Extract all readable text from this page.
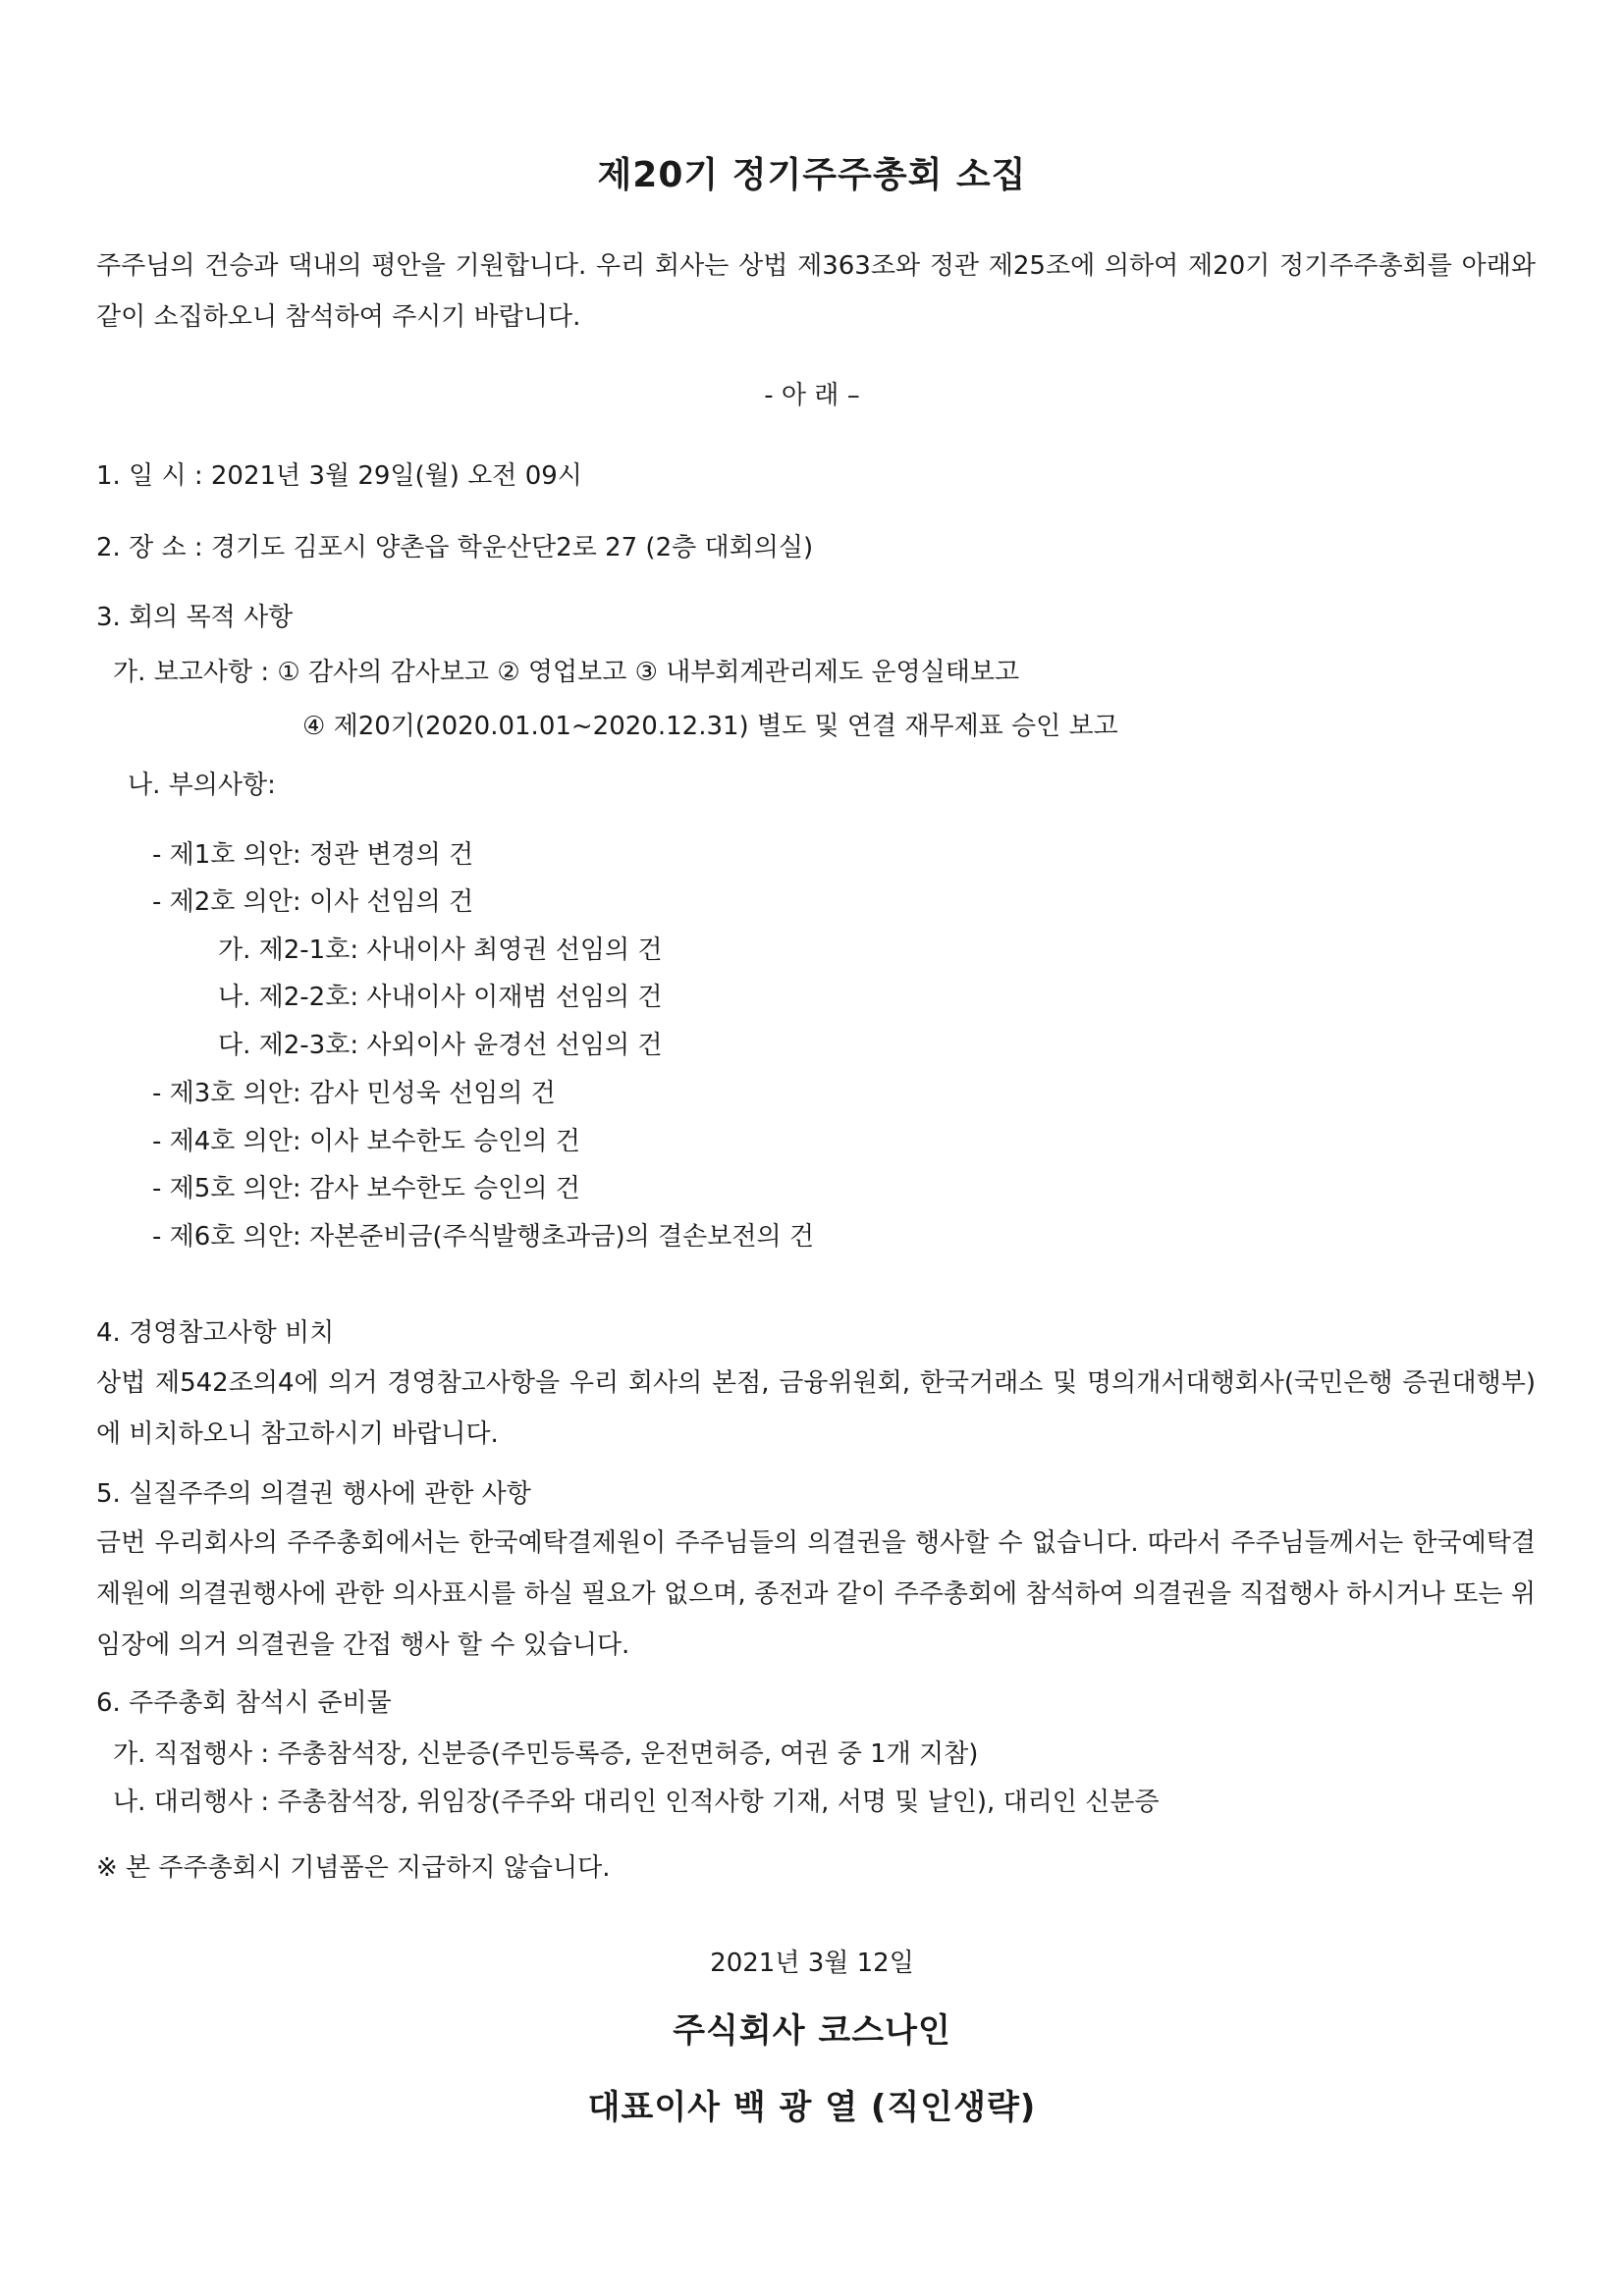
제20기 정기주주총회 소집
주주님의 건승과 댁내의 평안을 기원합니다. 우리 회사는 상법 제363조와 정관 제25조에 의하여 제20기 정기주주총회를 아래와 같이 소집하오니 참석하여 주시기 바랍니다.
- 아 래 –
1. 일 시 : 2021년 3월 29일(월) 오전 09시
2. 장 소 : 경기도 김포시 양촌읍 학운산단2로 27 (2층 대회의실)
3. 회의 목적 사항
가. 보고사항 : ① 감사의 감사보고 ② 영업보고 ③ 내부회계관리제도 운영실태보고
④ 제20기(2020.01.01~2020.12.31) 별도 및 연결 재무제표 승인 보고
나. 부의사항:
- 제1호 의안: 정관 변경의 건
- 제2호 의안: 이사 선임의 건
가. 제2-1호: 사내이사 최영권 선임의 건
나. 제2-2호: 사내이사 이재범 선임의 건
다. 제2-3호: 사외이사 윤경선 선임의 건
- 제3호 의안: 감사 민성욱 선임의 건
- 제4호 의안: 이사 보수한도 승인의 건
- 제5호 의안: 감사 보수한도 승인의 건
- 제6호 의안: 자본준비금(주식발행초과금)의 결손보전의 건
4. 경영참고사항 비치
상법 제542조의4에 의거 경영참고사항을 우리 회사의 본점, 금융위원회, 한국거래소 및 명의개서대행회사(국민은행 증권대행부)에 비치하오니 참고하시기 바랍니다.
5. 실질주주의 의결권 행사에 관한 사항
금번 우리회사의 주주총회에서는 한국예탁결제원이 주주님들의 의결권을 행사할 수 없습니다. 따라서 주주님들께서는 한국예탁결제원에 의결권행사에 관한 의사표시를 하실 필요가 없으며, 종전과 같이 주주총회에 참석하여 의결권을 직접행사 하시거나 또는 위임장에 의거 의결권을 간접 행사 할 수 있습니다.
6. 주주총회 참석시 준비물
가. 직접행사 : 주총참석장, 신분증(주민등록증, 운전면허증, 여권 중 1개 지참)
나. 대리행사 : 주총참석장, 위임장(주주와 대리인 인적사항 기재, 서명 및 날인), 대리인 신분증
※ 본 주주총회시 기념품은 지급하지 않습니다.
2021년 3월 12일
주식회사 코스나인
대표이사 백 광 열 (직인생략)
